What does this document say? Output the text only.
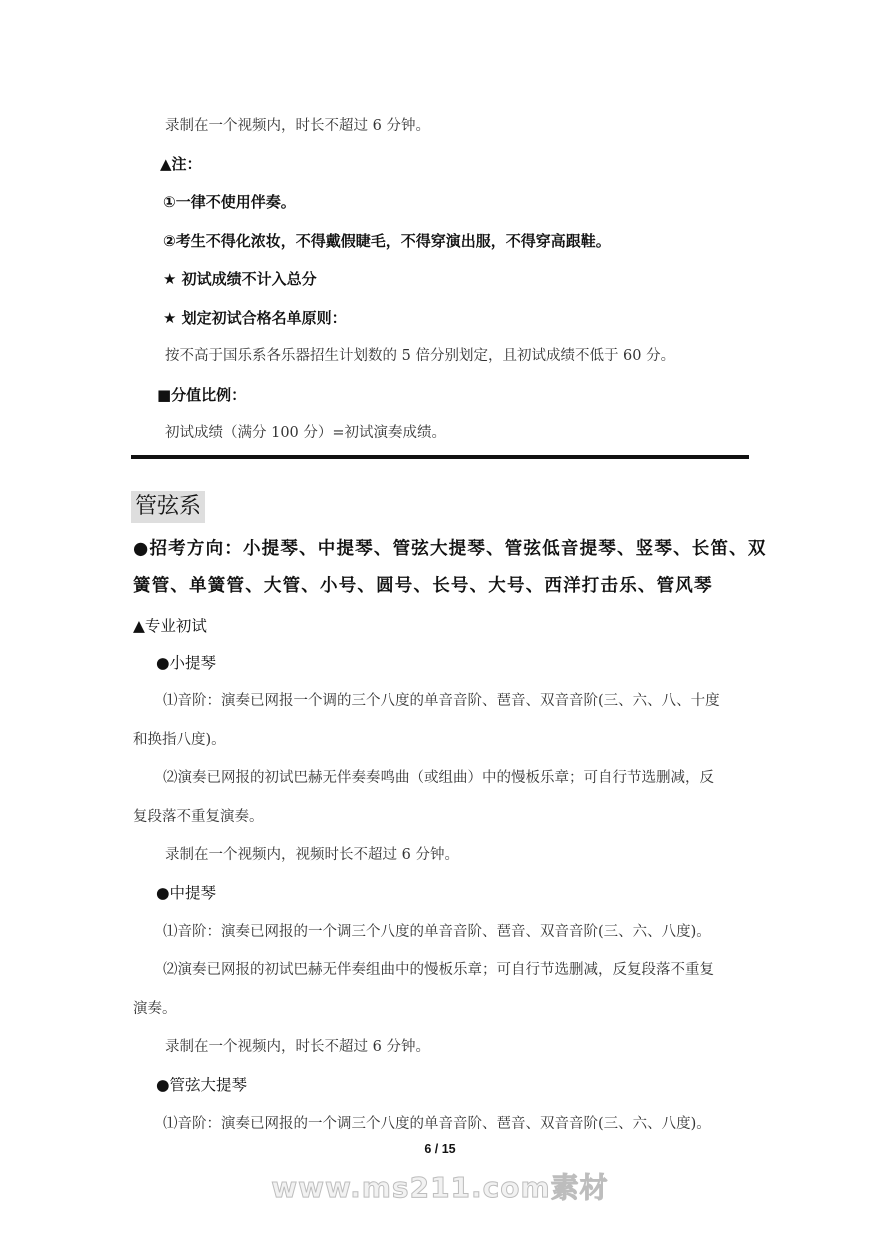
录制在一个视频内，时长不超过 6 分钟。
▲注：
①一律不使用伴奏。
②考生不得化浓妆，不得戴假睫毛，不得穿演出服，不得穿高跟鞋。
★ 初试成绩不计入总分
★ 划定初试合格名单原则：
按不高于国乐系各乐器招生计划数的 5 倍分别划定，且初试成绩不低于 60 分。
■分值比例：
初试成绩（满分 100 分）=初试演奏成绩。
管弦系
●招考方向：小提琴、中提琴、管弦大提琴、管弦低音提琴、竖琴、长笛、双
簧管、单簧管、大管、小号、圆号、长号、大号、西洋打击乐、管风琴
▲专业初试
●小提琴
⑴音阶：演奏已网报一个调的三个八度的单音音阶、琶音、双音音阶(三、六、八、十度
和换指八度)。
⑵演奏已网报的初试巴赫无伴奏奏鸣曲（或组曲）中的慢板乐章；可自行节选删减，反
复段落不重复演奏。
录制在一个视频内，视频时长不超过 6 分钟。
●中提琴
⑴音阶：演奏已网报的一个调三个八度的单音音阶、琶音、双音音阶(三、六、八度)。
⑵演奏已网报的初试巴赫无伴奏组曲中的慢板乐章；可自行节选删减，反复段落不重复
演奏。
录制在一个视频内，时长不超过 6 分钟。
●管弦大提琴
⑴音阶：演奏已网报的一个调三个八度的单音音阶、琶音、双音音阶(三、六、八度)。
6 / 15
www.ms211.com素材
